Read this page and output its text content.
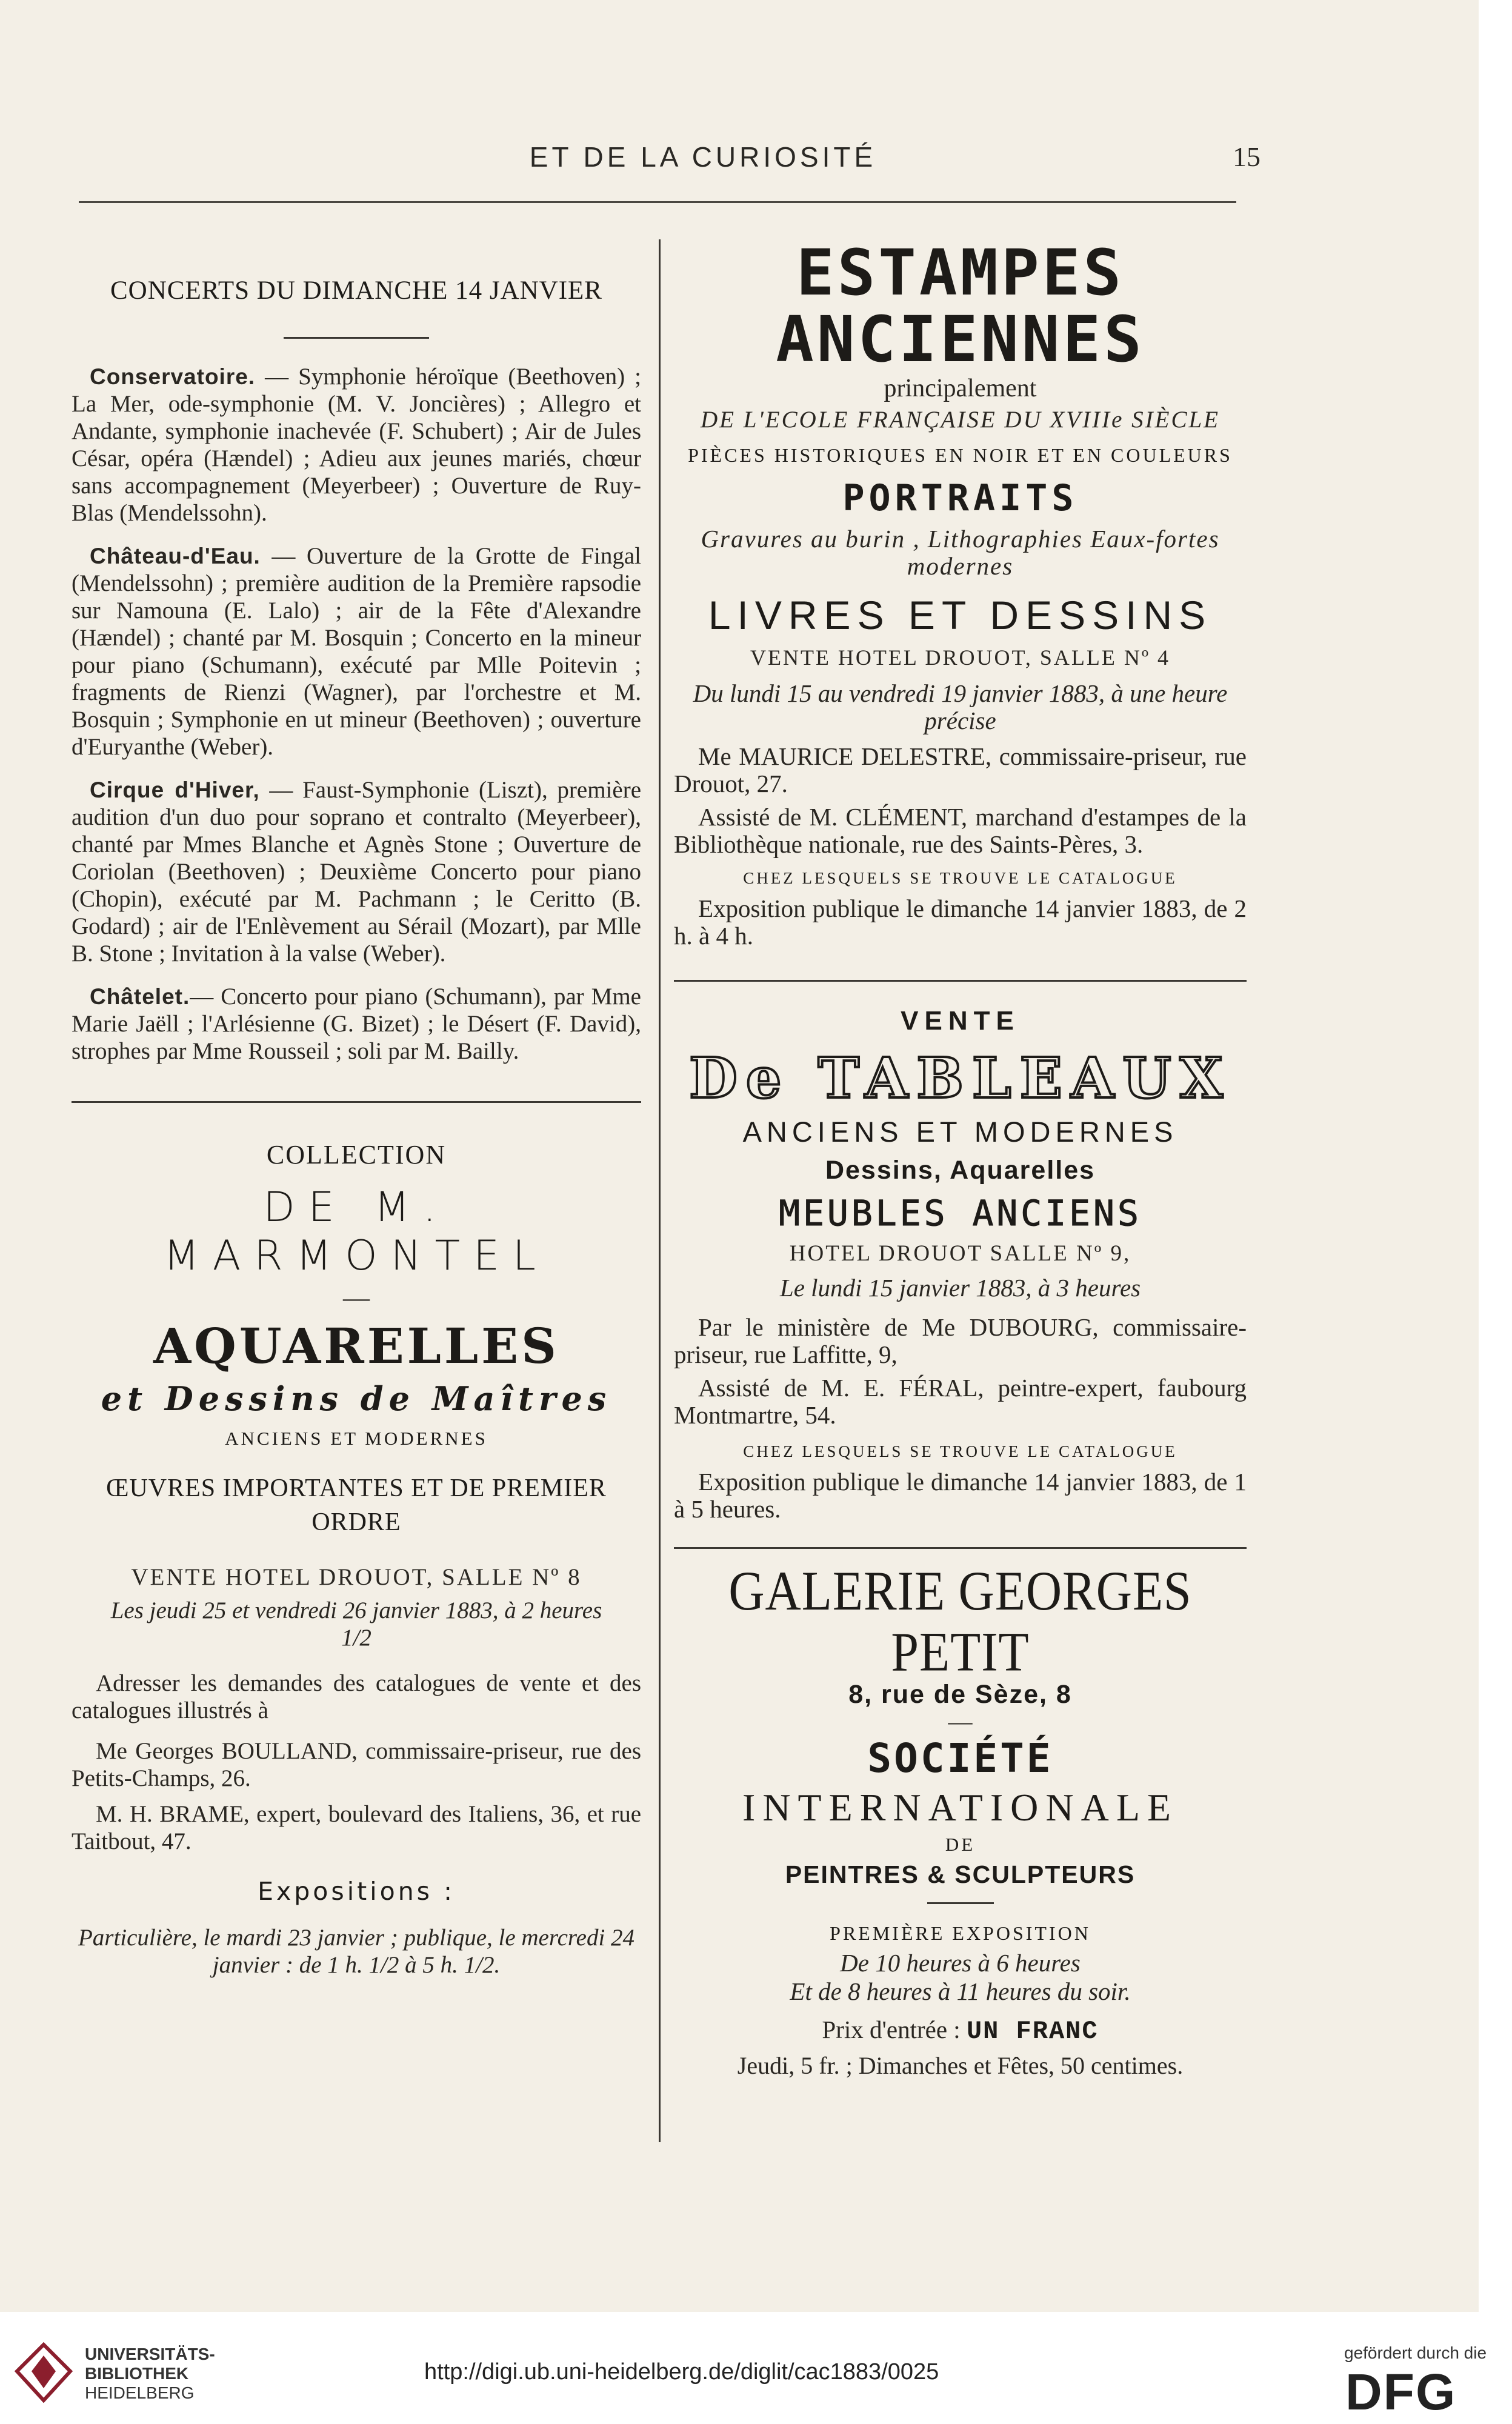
ET DE LA CURIOSITÉ	15
CONCERTS DU DIMANCHE 14 JANVIER

Conservatoire. — Symphonie héroïque (Beethoven) ; La Mer, ode-symphonie (M. V. Joncières) ; Allegro et Andante, symphonie inachevée (F. Schubert) ; Air de Jules César, opéra (Hændel) ; Adieu aux jeunes mariés, chœur sans accompagnement (Meyerbeer) ; Ouverture de Ruy-Blas (Mendelssohn).

Château-d'Eau. — Ouverture de la Grotte de Fingal (Mendelssohn) ; première audition de la Première rapsodie sur Namouna (E. Lalo) ; air de la Fête d'Alexandre (Hændel) ; chanté par M. Bosquin ; Concerto en la mineur pour piano (Schumann), exécuté par Mlle Poitevin ; fragments de Rienzi (Wagner), par l'orchestre et M. Bosquin ; Symphonie en ut mineur (Beethoven) ; ouverture d'Euryanthe (Weber).

Cirque d'Hiver, — Faust-Symphonie (Liszt), première audition d'un duo pour soprano et contralto (Meyerbeer), chanté par Mmes Blanche et Agnès Stone ; Ouverture de Coriolan (Beethoven) ; Deuxième Concerto pour piano (Chopin), exécuté par M. Pachmann ; le Ceritto (B. Godard) ; air de l'Enlèvement au Sérail (Mozart), par Mlle B. Stone ; Invitation à la valse (Weber).

Châtelet.— Concerto pour piano (Schumann), par Mme Marie Jaëll ; l'Arlésienne (G. Bizet) ; le Désert (F. David), strophes par Mme Rousseil ; soli par M. Bailly.

COLLECTION
DE M. MARMONTEL
—
AQUARELLES
et Dessins de Maîtres
ANCIENS ET MODERNES
ŒUVRES IMPORTANTES ET DE PREMIER ORDRE
VENTE HOTEL DROUOT, SALLE Nº 8
Les jeudi 25 et vendredi 26 janvier 1883, à 2 heures 1/2

Adresser les demandes des catalogues de vente et des catalogues illustrés à

Me Georges BOULLAND, commissaire-priseur, rue des Petits-Champs, 26.

M. H. BRAME, expert, boulevard des Italiens, 36, et rue Taitbout, 47.

Expositions :

Particulière, le mardi 23 janvier ; publique, le mercredi 24 janvier : de 1 h. 1/2 à 5 h. 1/2.

ESTAMPES ANCIENNES
principalement
DE L'ECOLE FRANÇAISE DU XVIIIe SIÈCLE
PIÈCES HISTORIQUES EN NOIR ET EN COULEURS
PORTRAITS
Gravures au burin , Lithographies Eaux-fortes modernes
LIVRES ET DESSINS
VENTE HOTEL DROUOT, SALLE Nº 4

Du lundi 15 au vendredi 19 janvier 1883, à une heure précise

Me MAURICE DELESTRE, commissaire-priseur, rue Drouot, 27.

Assisté de M. CLÉMENT, marchand d'estampes de la Bibliothèque nationale, rue des Saints-Pères, 3.

CHEZ LESQUELS SE TROUVE LE CATALOGUE

Exposition publique le dimanche 14 janvier 1883, de 2 h. à 4 h.

VENTE
De TABLEAUX
ANCIENS ET MODERNES
Dessins, Aquarelles
MEUBLES ANCIENS
HOTEL DROUOT SALLE Nº 9,

Le lundi 15 janvier 1883, à 3 heures

Par le ministère de Me DUBOURG, commissaire-priseur, rue Laffitte, 9,

Assisté de M. E. FÉRAL, peintre-expert, faubourg Montmartre, 54.

CHEZ LESQUELS SE TROUVE LE CATALOGUE

Exposition publique le dimanche 14 janvier 1883, de 1 à 5 heures.

GALERIE GEORGES PETIT
8, rue de Sèze, 8
—
SOCIÉTÉ
INTERNATIONALE
DE
PEINTRES & SCULPTEURS
PREMIÈRE EXPOSITION
De 10 heures à 6 heures
Et de 8 heures à 11 heures du soir.
Prix d'entrée : UN FRANC
Jeudi, 5 fr. ; Dimanches et Fêtes, 50 centimes.
UNIVERSITÄTS-
BIBLIOTHEK
HEIDELBERG
http://digi.ub.uni-heidelberg.de/diglit/cac1883/0025
gefördert durch die
DFG
